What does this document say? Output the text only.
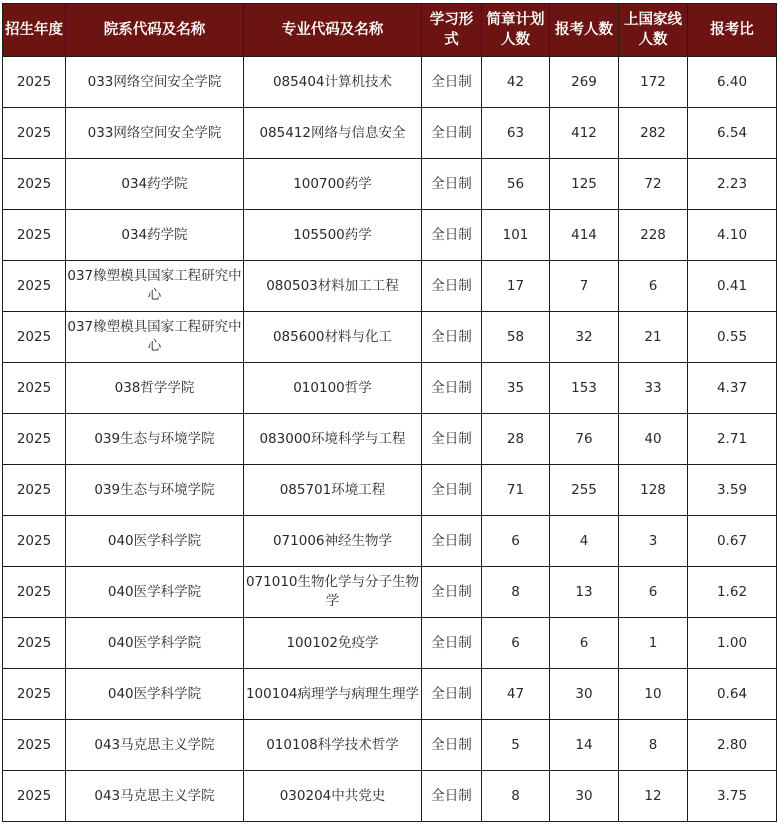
招生年度	院系代码及名称	专业代码及名称	学习形式	简章计划人数	报考人数	上国家线人数	报考比
2025	033网络空间安全学院	085404计算机技术	全日制	42	269	172	6.40
2025	033网络空间安全学院	085412网络与信息安全	全日制	63	412	282	6.54
2025	034药学院	100700药学	全日制	56	125	72	2.23
2025	034药学院	105500药学	全日制	101	414	228	4.10
2025	037橡塑模具国家工程研究中心	080503材料加工工程	全日制	17	7	6	0.41
2025	037橡塑模具国家工程研究中心	085600材料与化工	全日制	58	32	21	0.55
2025	038哲学学院	010100哲学	全日制	35	153	33	4.37
2025	039生态与环境学院	083000环境科学与工程	全日制	28	76	40	2.71
2025	039生态与环境学院	085701环境工程	全日制	71	255	128	3.59
2025	040医学科学院	071006神经生物学	全日制	6	4	3	0.67
2025	040医学科学院	071010生物化学与分子生物学	全日制	8	13	6	1.62
2025	040医学科学院	100102免疫学	全日制	6	6	1	1.00
2025	040医学科学院	100104病理学与病理生理学	全日制	47	30	10	0.64
2025	043马克思主义学院	010108科学技术哲学	全日制	5	14	8	2.80
2025	043马克思主义学院	030204中共党史	全日制	8	30	12	3.75
